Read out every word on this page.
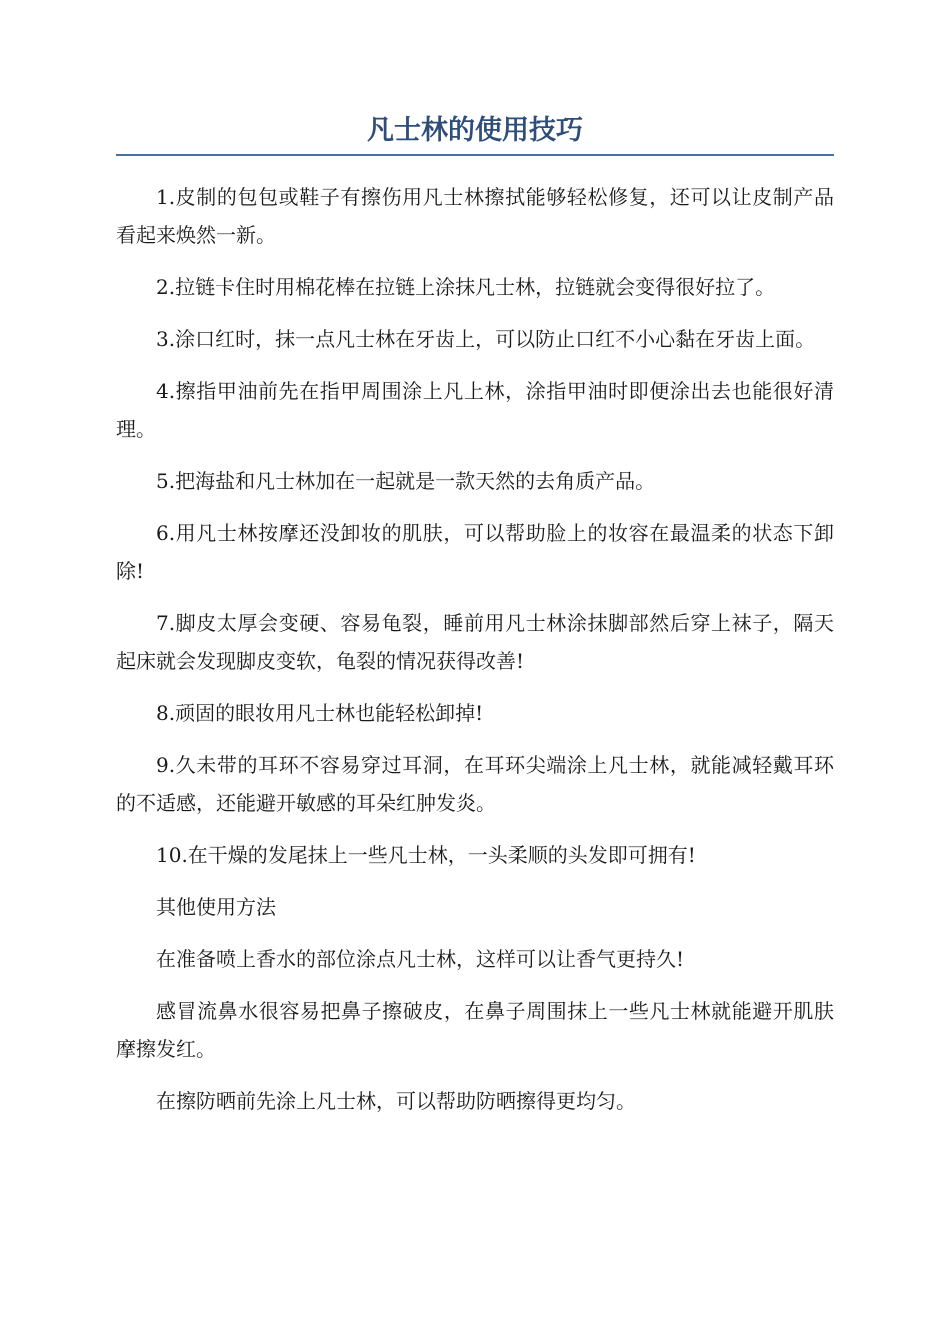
凡士林的使用技巧

1.皮制的包包或鞋子有擦伤用凡士林擦拭能够轻松修复，还可以让皮制产品看起来焕然一新。

2.拉链卡住时用棉花棒在拉链上涂抹凡士林，拉链就会变得很好拉了。

3.涂口红时，抹一点凡士林在牙齿上，可以防止口红不小心黏在牙齿上面。

4.擦指甲油前先在指甲周围涂上凡上林，涂指甲油时即便涂出去也能很好清理。

5.把海盐和凡士林加在一起就是一款天然的去角质产品。

6.用凡士林按摩还没卸妆的肌肤，可以帮助脸上的妆容在最温柔的状态下卸除!

7.脚皮太厚会变硬、容易龟裂，睡前用凡士林涂抹脚部然后穿上袜子，隔天起床就会发现脚皮变软，龟裂的情况获得改善!

8.顽固的眼妆用凡士林也能轻松卸掉!

9.久未带的耳环不容易穿过耳洞，在耳环尖端涂上凡士林，就能减轻戴耳环的不适感，还能避开敏感的耳朵红肿发炎。

10.在干燥的发尾抹上一些凡士林，一头柔顺的头发即可拥有!

其他使用方法

在准备喷上香水的部位涂点凡士林，这样可以让香气更持久!

感冒流鼻水很容易把鼻子擦破皮，在鼻子周围抹上一些凡士林就能避开肌肤摩擦发红。

在擦防晒前先涂上凡士林，可以帮助防晒擦得更均匀。
